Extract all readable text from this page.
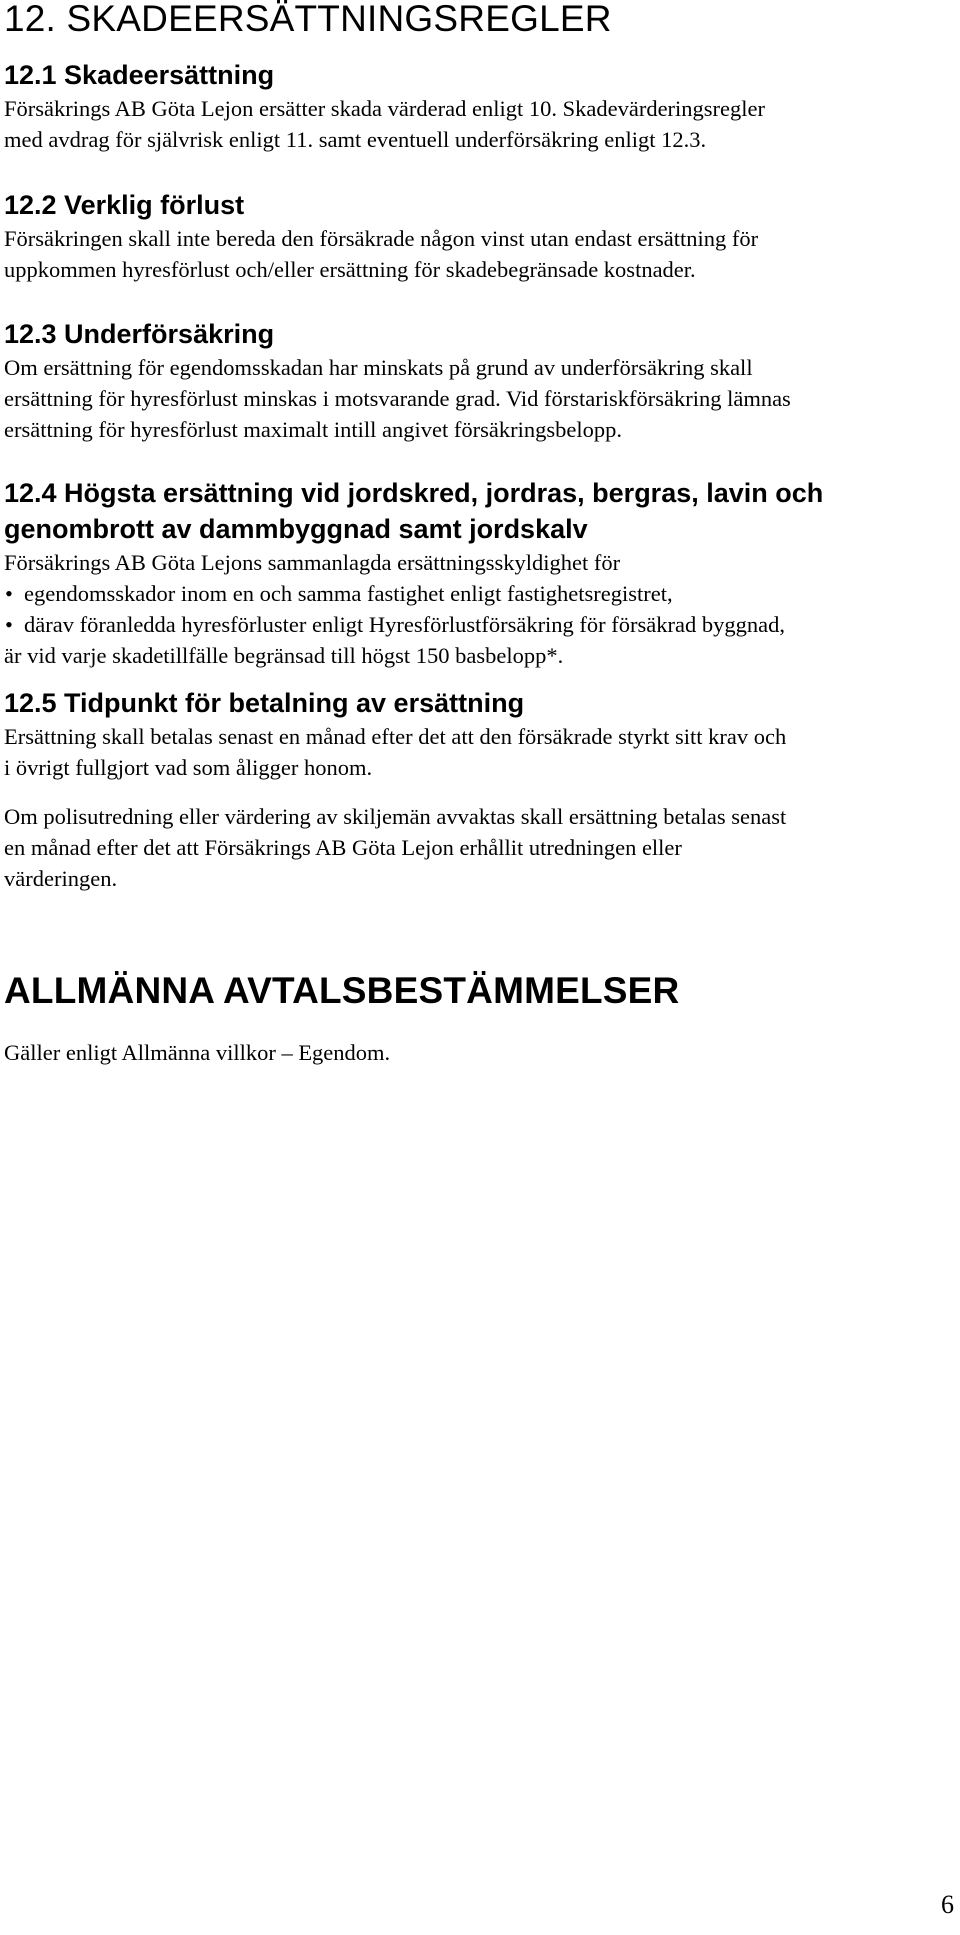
12. SKADEERSÄTTNINGSREGLER
12.1 Skadeersättning

Försäkrings AB Göta Lejon ersätter skada värderad enligt 10. Skadevärderingsregler
med avdrag för självrisk enligt 11. samt eventuell underförsäkring enligt 12.3.

12.2 Verklig förlust

Försäkringen skall inte bereda den försäkrade någon vinst utan endast ersättning för
uppkommen hyresförlust och/eller ersättning för skadebegränsade kostnader.

12.3 Underförsäkring

Om ersättning för egendomsskadan har minskats på grund av underförsäkring skall
ersättning för hyresförlust minskas i motsvarande grad. Vid förstariskförsäkring lämnas
ersättning för hyresförlust maximalt intill angivet försäkringsbelopp.

12.4 Högsta ersättning vid jordskred, jordras, bergras, lavin och
genombrott av dammbyggnad samt jordskalv

Försäkrings AB Göta Lejons sammanlagda ersättningsskyldighet för

• egendomsskador inom en och samma fastighet enligt fastighetsregistret,
• därav föranledda hyresförluster enligt Hyresförlustförsäkring för försäkrad byggnad,

är vid varje skadetillfälle begränsad till högst 150 basbelopp*.

12.5 Tidpunkt för betalning av ersättning

Ersättning skall betalas senast en månad efter det att den försäkrade styrkt sitt krav och
i övrigt fullgjort vad som åligger honom.

Om polisutredning eller värdering av skiljemän avvaktas skall ersättning betalas senast
en månad efter det att Försäkrings AB Göta Lejon erhållit utredningen eller
värderingen.

ALLMÄNNA AVTALSBESTÄMMELSER

Gäller enligt Allmänna villkor – Egendom.

6
